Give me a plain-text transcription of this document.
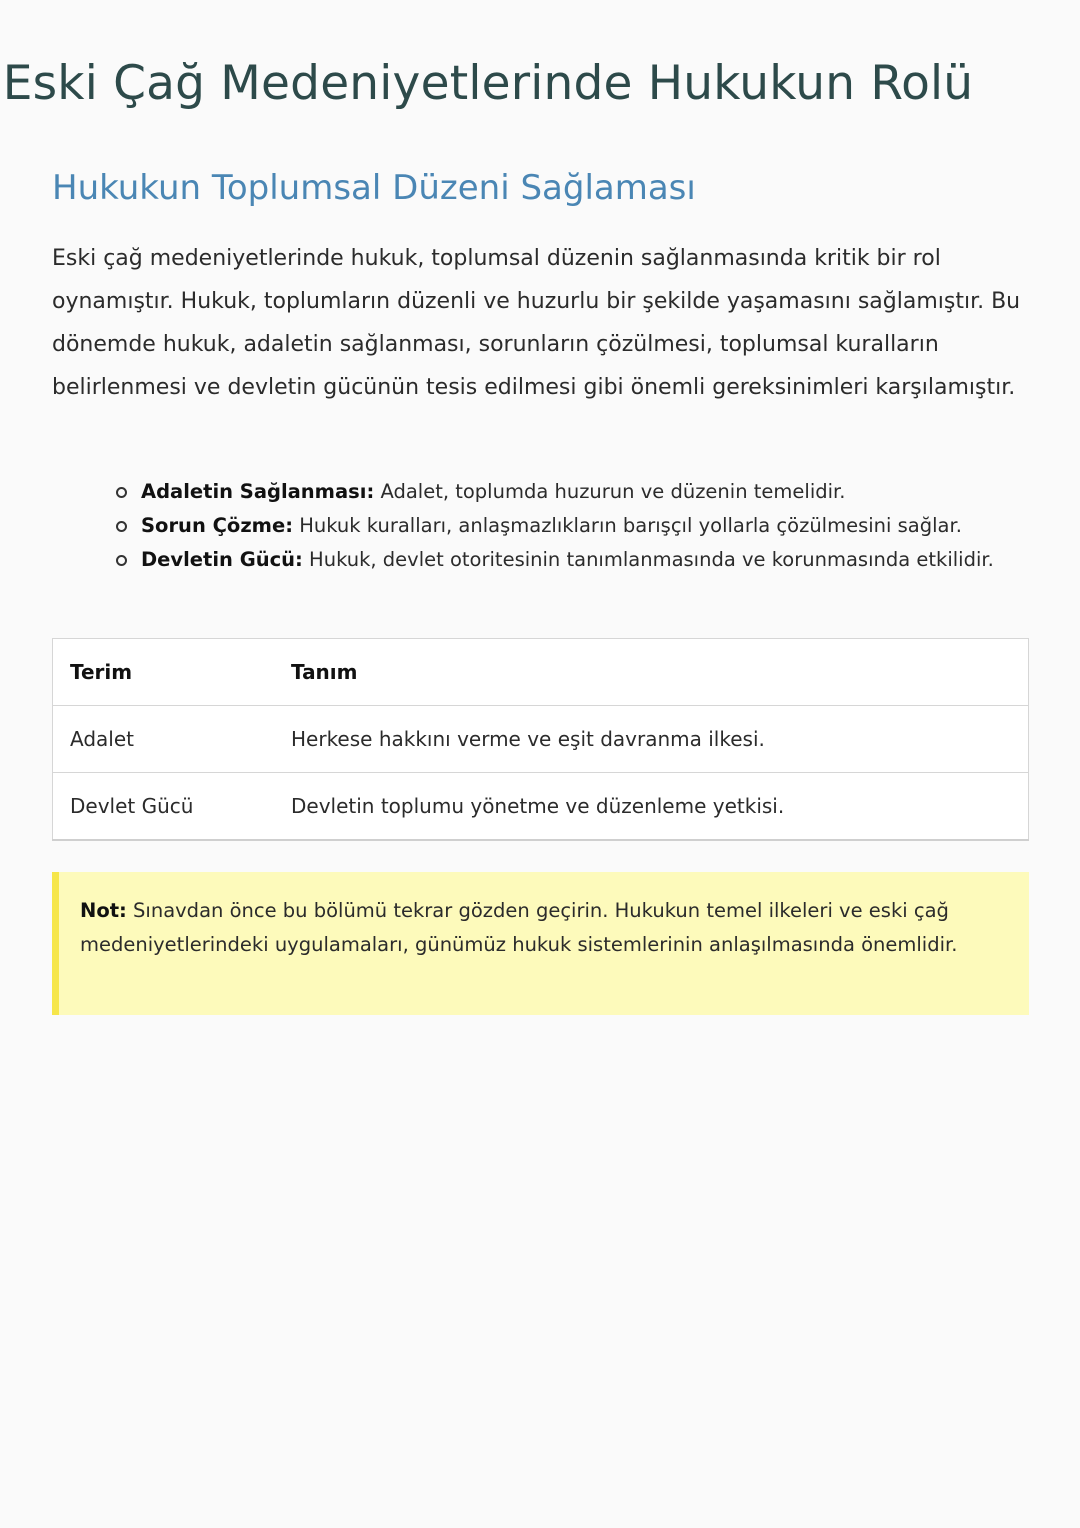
Eski Çağ Medeniyetlerinde Hukukun Rolü
Hukukun Toplumsal Düzeni Sağlaması

Eski çağ medeniyetlerinde hukuk, toplumsal düzenin sağlanmasında kritik bir rol oynamıştır. Hukuk, toplumların düzenli ve huzurlu bir şekilde yaşamasını sağlamıştır. Bu dönemde hukuk, adaletin sağlanması, sorunların çözülmesi, toplumsal kuralların belirlenmesi ve devletin gücünün tesis edilmesi gibi önemli gereksinimleri karşılamıştır.

Adaletin Sağlanması: Adalet, toplumda huzurun ve düzenin temelidir.
Sorun Çözme: Hukuk kuralları, anlaşmazlıkların barışçıl yollarla çözülmesini sağlar.
Devletin Gücü: Hukuk, devlet otoritesinin tanımlanmasında ve korunmasında etkilidir.
Terim	Tanım
Adalet	Herkese hakkını verme ve eşit davranma ilkesi.
Devlet Gücü	Devletin toplumu yönetme ve düzenleme yetkisi.
Not: Sınavdan önce bu bölümü tekrar gözden geçirin. Hukukun temel ilkeleri ve eski çağ medeniyetlerindeki uygulamaları, günümüz hukuk sistemlerinin anlaşılmasında önemlidir.
